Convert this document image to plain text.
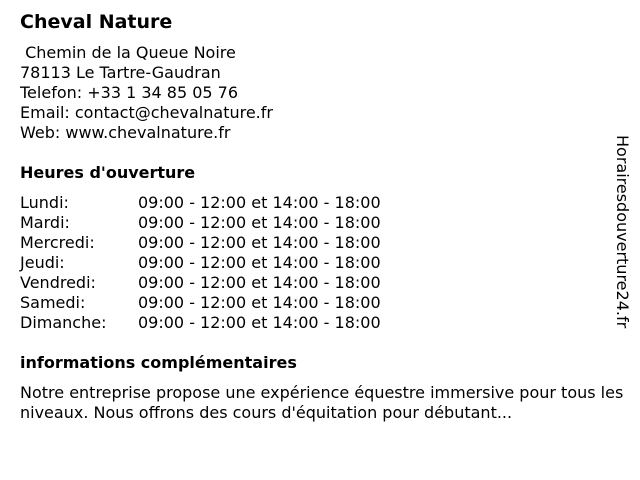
Cheval Nature
Chemin de la Queue Noire
78113 Le Tartre-Gaudran
Telefon: +33 1 34 85 05 76
Email: contact@chevalnature.fr
Web: www.chevalnature.fr
Heures d'ouverture
Lundi:	09:00 - 12:00 et 14:00 - 18:00
Mardi:	09:00 - 12:00 et 14:00 - 18:00
Mercredi:	09:00 - 12:00 et 14:00 - 18:00
Jeudi:	09:00 - 12:00 et 14:00 - 18:00
Vendredi:	09:00 - 12:00 et 14:00 - 18:00
Samedi:	09:00 - 12:00 et 14:00 - 18:00
Dimanche: 09:00 - 12:00 et 14:00 - 18:00
informations complémentaires
Notre entreprise propose une expérience équestre immersive pour tous les niveaux. Nous offrons des cours d'équitation pour débutant...
Horairesdouverture24.fr
